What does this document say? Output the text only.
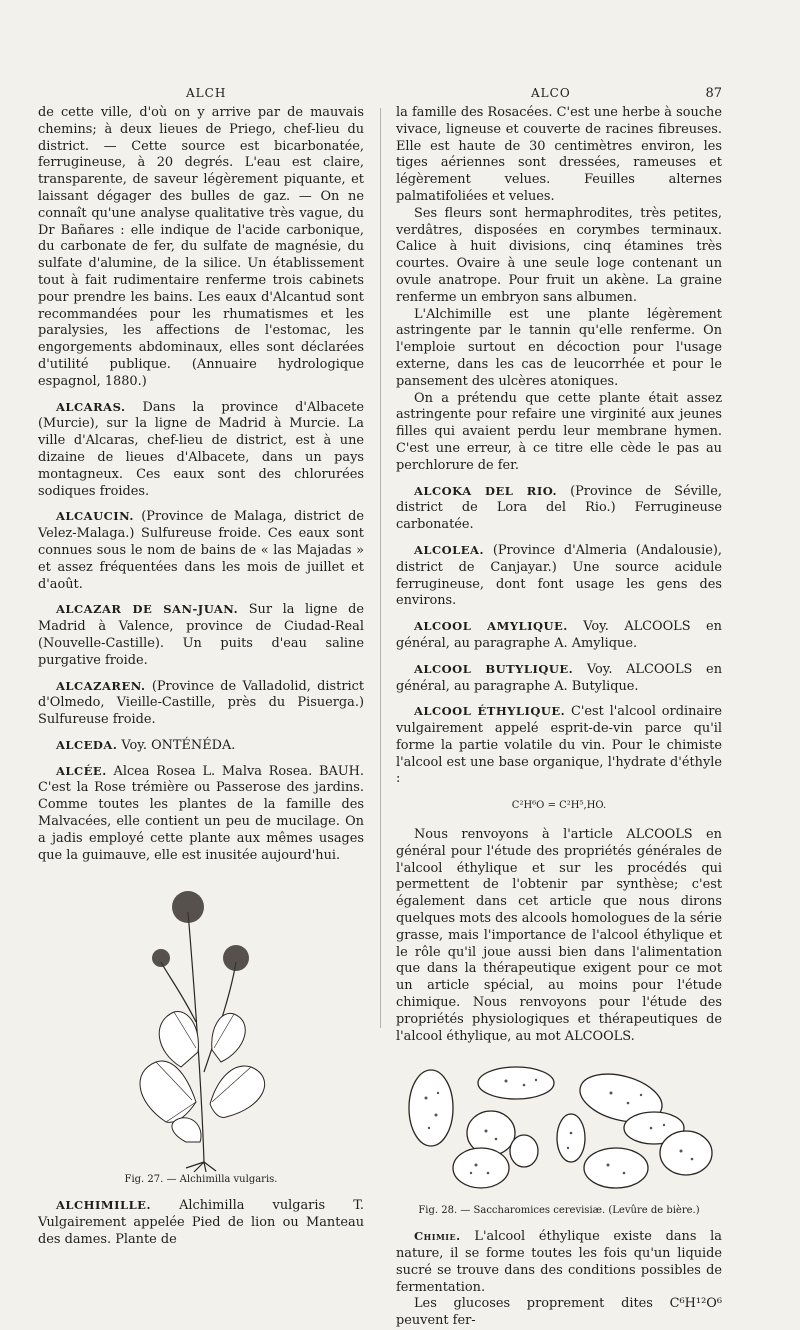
ALCH	ALCO	87

de cette ville, d'où on y arrive par de mauvais chemins; à deux lieues de Priego, chef-lieu du district. — Cette source est bicarbonatée, ferrugineuse, à 20 degrés. L'eau est claire, transparente, de saveur légèrement piquante, et laissant dégager des bulles de gaz. — On ne connaît qu'une analyse qualitative très vague, du Dr Bañares : elle indique de l'acide carbonique, du carbonate de fer, du sulfate de magnésie, du sulfate d'alumine, de la silice. Un établissement tout à fait rudimentaire renferme trois cabinets pour prendre les bains. Les eaux d'Alcantud sont recommandées pour les rhumatismes et les paralysies, les affections de l'estomac, les engorgements abdominaux, elles sont déclarées d'utilité publique. (Annuaire hydrologique espagnol, 1880.)

ALCARAS. Dans la province d'Albacete (Murcie), sur la ligne de Madrid à Murcie. La ville d'Alcaras, chef-lieu de district, est à une dizaine de lieues d'Albacete, dans un pays montagneux. Ces eaux sont des chlorurées sodiques froides.

ALCAUCIN. (Province de Malaga, district de Velez-Malaga.) Sulfureuse froide. Ces eaux sont connues sous le nom de bains de « las Majadas » et assez fréquentées dans les mois de juillet et d'août.

ALCAZAR DE SAN-JUAN. Sur la ligne de Madrid à Valence, province de Ciudad-Real (Nouvelle-Castille). Un puits d'eau saline purgative froide.

ALCAZAREN. (Province de Valladolid, district d'Olmedo, Vieille-Castille, près du Pisuerga.) Sulfureuse froide.

ALCEDA. Voy. ONTÉNÉDA.

ALCÉE. Alcea Rosea L. Malva Rosea. BAUH. C'est la Rose trémière ou Passerose des jardins. Comme toutes les plantes de la famille des Malvacées, elle contient un peu de mucilage. On a jadis employé cette plante aux mêmes usages que la guimauve, elle est inusitée aujourd'hui.

Fig. 27. — Alchimilla vulgaris.

ALCHIMILLE. Alchimilla vulgaris T. Vulgairement appelée Pied de lion ou Manteau des dames. Plante de

la famille des Rosacées. C'est une herbe à souche vivace, ligneuse et couverte de racines fibreuses. Elle est haute de 30 centimètres environ, les tiges aériennes sont dressées, rameuses et légèrement velues. Feuilles alternes palmatifoliées et velues.

Ses fleurs sont hermaphrodites, très petites, verdâtres, disposées en corymbes terminaux. Calice à huit divisions, cinq étamines très courtes. Ovaire à une seule loge contenant un ovule anatrope. Pour fruit un akène. La graine renferme un embryon sans albumen.

L'Alchimille est une plante légèrement astringente par le tannin qu'elle renferme. On l'emploie surtout en décoction pour l'usage externe, dans les cas de leucorrhée et pour le pansement des ulcères atoniques.

On a prétendu que cette plante était assez astringente pour refaire une virginité aux jeunes filles qui avaient perdu leur membrane hymen. C'est une erreur, à ce titre elle cède le pas au perchlorure de fer.

ALCOKA DEL RIO. (Province de Séville, district de Lora del Rio.) Ferrugineuse carbonatée.

ALCOLEA. (Province d'Almeria (Andalousie), district de Canjayar.) Une source acidule ferrugineuse, dont font usage les gens des environs.

ALCOOL AMYLIQUE. Voy. ALCOOLS en général, au paragraphe A. Amylique.

ALCOOL BUTYLIQUE. Voy. ALCOOLS en général, au paragraphe A. Butylique.

ALCOOL ÉTHYLIQUE. C'est l'alcool ordinaire vulgairement appelé esprit-de-vin parce qu'il forme la partie volatile du vin. Pour le chimiste l'alcool est une base organique, l'hydrate d'éthyle :

C²H⁶O = C²H⁵,HO.

Nous renvoyons à l'article ALCOOLS en général pour l'étude des propriétés générales de l'alcool éthylique et sur les procédés qui permettent de l'obtenir par synthèse; c'est également dans cet article que nous dirons quelques mots des alcools homologues de la série grasse, mais l'importance de l'alcool éthylique et le rôle qu'il joue aussi bien dans l'alimentation que dans la thérapeutique exigent pour ce mot un article spécial, au moins pour l'étude chimique. Nous renvoyons pour l'étude des propriétés physiologiques et thérapeutiques de l'alcool éthylique, au mot ALCOOLS.

Fig. 28. — Saccharomices cerevisiæ. (Levûre de bière.)

Chimie. L'alcool éthylique existe dans la nature, il se forme toutes les fois qu'un liquide sucré se trouve dans des conditions possibles de fermentation.

Les glucoses proprement dites C⁶H¹²O⁶ peuvent fer-
